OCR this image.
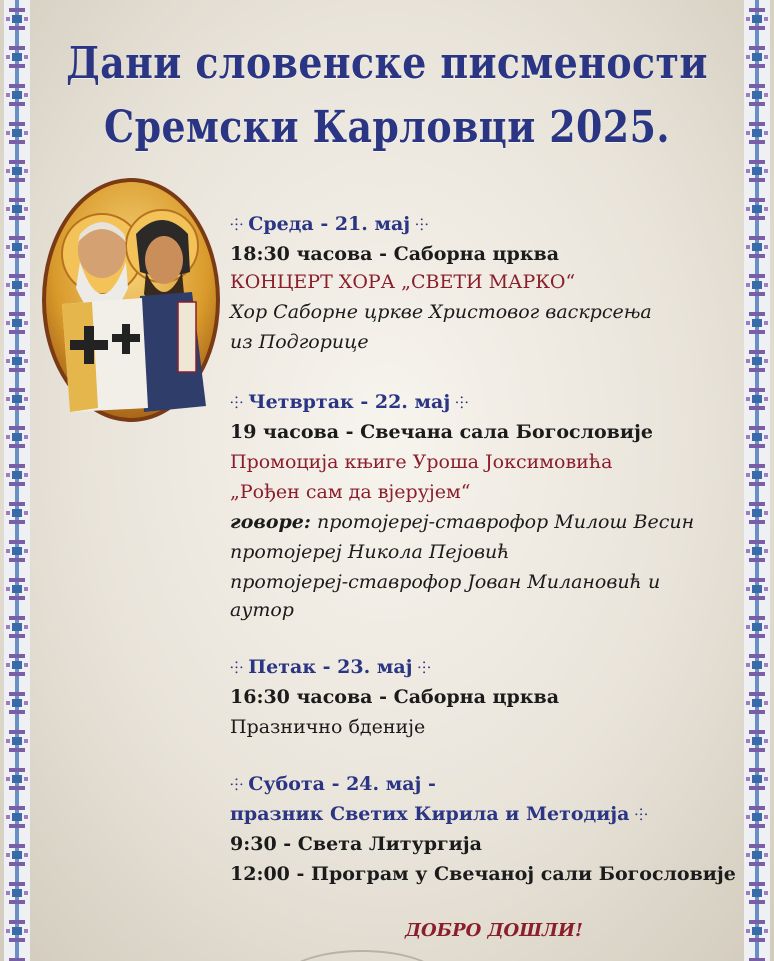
Дани словенске писмености
Сремски Карловци 2025.
⸭ Среда - 21. мај ⸭
18:30 часова - Саборна црква
КОНЦЕРТ ХОРА „СВЕТИ МАРКО“
Хор Саборне цркве Христовог васкрсења
из Подгорице
⸭ Четвртак - 22. мај ⸭
19 часова - Свечана сала Богословије
Промоција књиге Уроша Јоксимовића
„Рођен сам да вјерујем“
говоре: протојереј-ставрофор Милош Весин
протојереј Никола Пејовић
протојереј-ставрофор Јован Милановић и
аутор
⸭ Петак - 23. мај ⸭
16:30 часова - Саборна црква
Празнично бденије
⸭ Субота - 24. мај -
празник Светих Кирила и Методија ⸭
9:30 - Света Литургија
12:00 - Програм у Свечаној сали Богословије
ДОБРО ДОШЛИ!
